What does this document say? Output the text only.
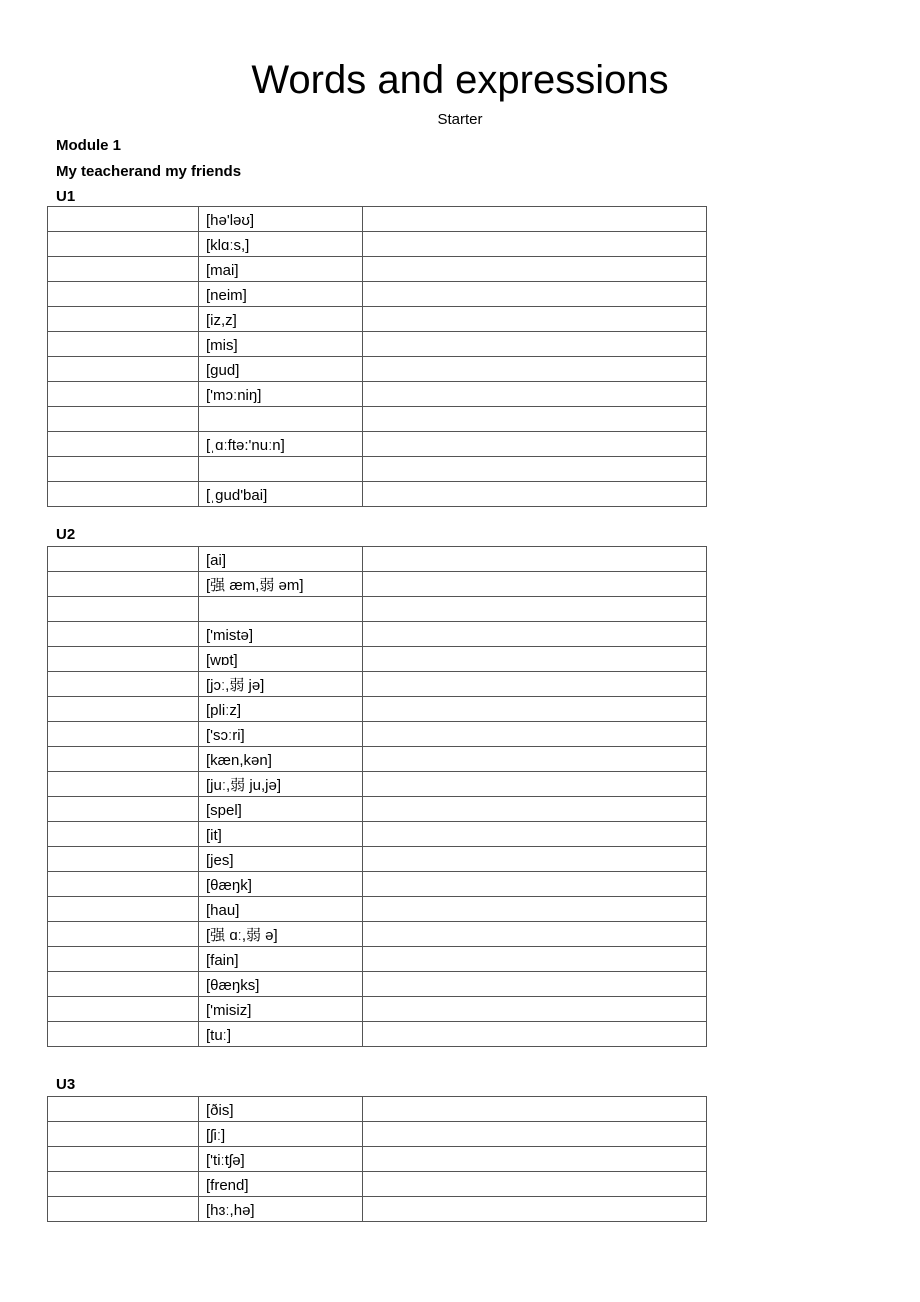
Words and expressions
Starter
Module 1
My teacherand my friends
U1
	[hə'ləʊ]	
	[klɑːs,]	
	[mai]	
	[neim]	
	[iz,z]	
	[mis]	
	[gud]	
	['mɔːniŋ]	

	[ˌɑːftə:'nuːn]	

	[ˌgud'bai]	
U2
	[ai]	
	[强 æm,弱 əm]	

	['mistə]	
	[wɒt]	
	[jɔː,弱 jə]	
	[pliːz]	
	['sɔːri]	
	[kæn,kən]	
	[juː,弱 ju,jə]	
	[spel]	
	[it]	
	[jes]	
	[θæŋk]	
	[hau]	
	[强 ɑː,弱 ə]	
	[fain]	
	[θæŋks]	
	['misiz]	
	[tuː]	
U3
	[ðis]	
	[ʃiː]	
	['tiːtʃə]	
	[frend]	
	[hɜː,hə]	
